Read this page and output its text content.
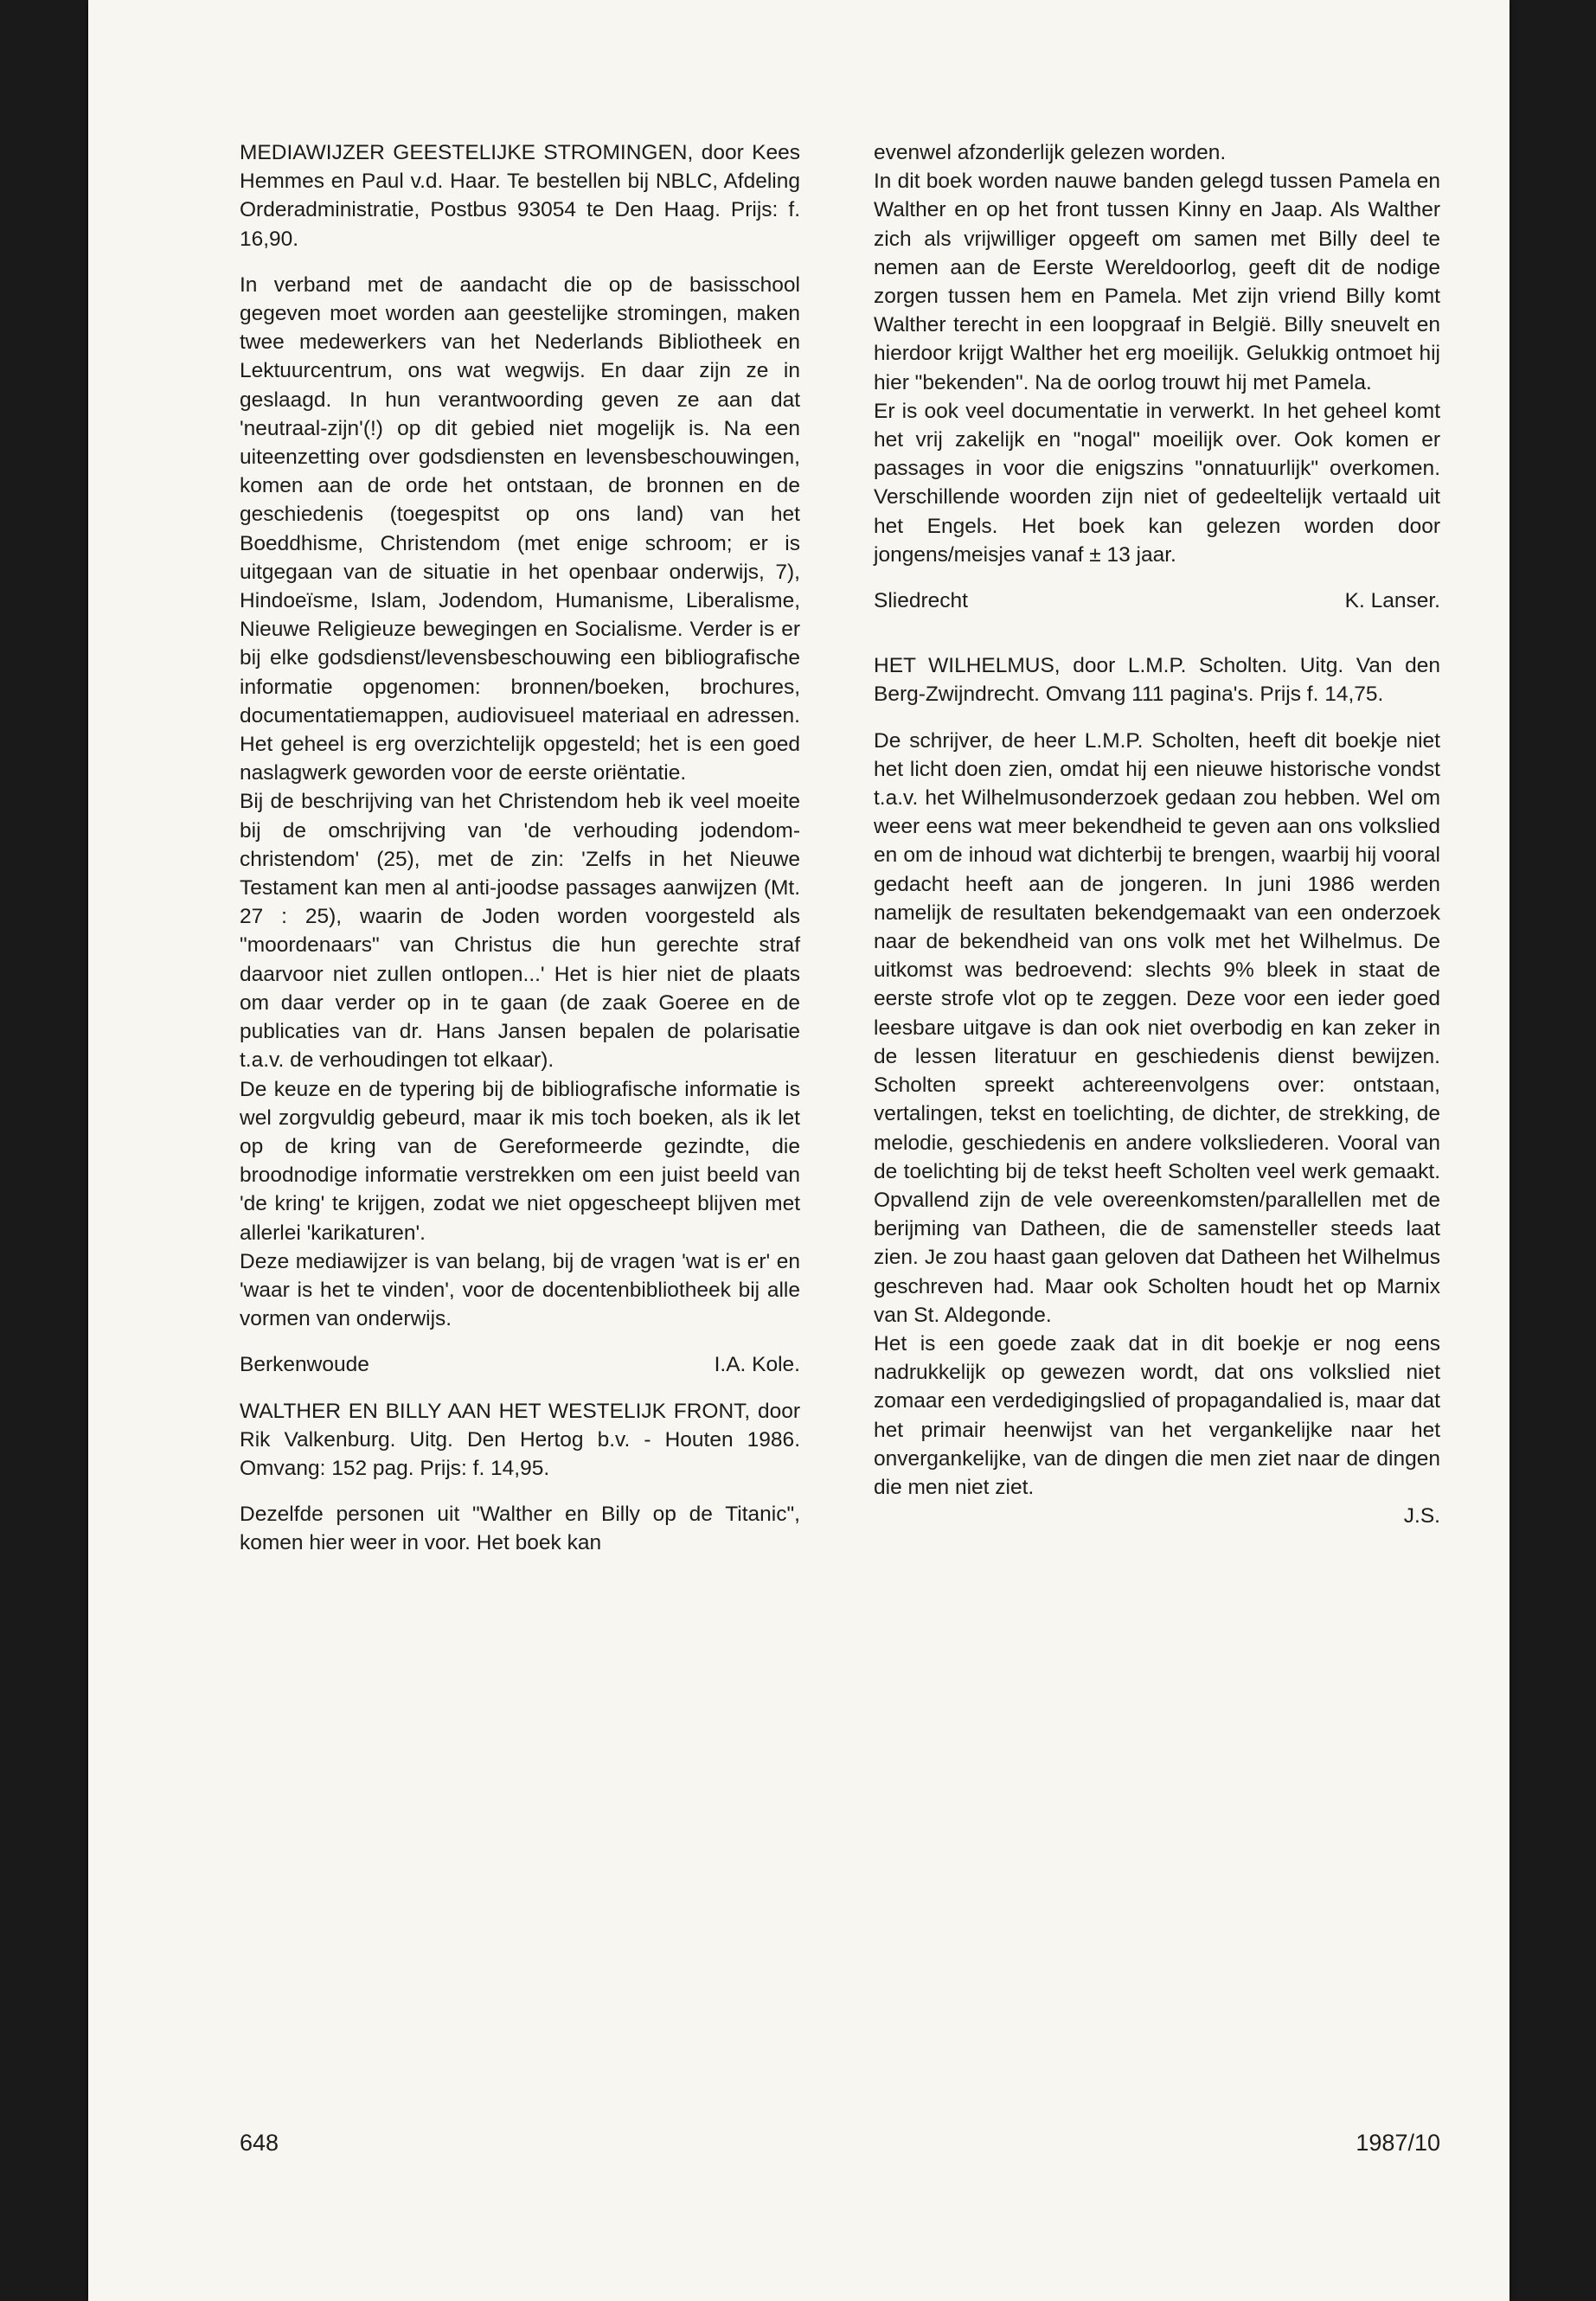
MEDIAWIJZER GEESTELIJKE STROMINGEN, door Kees Hemmes en Paul v.d. Haar. Te bestellen bij NBLC, Afdeling Orderadministratie, Postbus 93054 te Den Haag. Prijs: f. 16,90.

In verband met de aandacht die op de basisschool gegeven moet worden aan geestelijke stromingen, maken twee medewerkers van het Nederlands Bibliotheek en Lektuurcentrum, ons wat wegwijs. En daar zijn ze in geslaagd. In hun verantwoording geven ze aan dat 'neutraal-zijn'(!) op dit gebied niet mogelijk is. Na een uiteenzetting over godsdiensten en levensbeschouwingen, komen aan de orde het ontstaan, de bronnen en de geschiedenis (toegespitst op ons land) van het Boeddhisme, Christendom (met enige schroom; er is uitgegaan van de situatie in het openbaar onderwijs, 7), Hindoeïsme, Islam, Jodendom, Humanisme, Liberalisme, Nieuwe Religieuze bewegingen en Socialisme. Verder is er bij elke godsdienst/levensbeschouwing een bibliografische informatie opgenomen: bronnen/boeken, brochures, documentatiemappen, audiovisueel materiaal en adressen. Het geheel is erg overzichtelijk opgesteld; het is een goed naslagwerk geworden voor de eerste oriëntatie.

Bij de beschrijving van het Christendom heb ik veel moeite bij de omschrijving van 'de verhouding jodendom-christendom' (25), met de zin: 'Zelfs in het Nieuwe Testament kan men al anti-joodse passages aanwijzen (Mt. 27 : 25), waarin de Joden worden voorgesteld als "moordenaars" van Christus die hun gerechte straf daarvoor niet zullen ontlopen...' Het is hier niet de plaats om daar verder op in te gaan (de zaak Goeree en de publicaties van dr. Hans Jansen bepalen de polarisatie t.a.v. de verhoudingen tot elkaar).

De keuze en de typering bij de bibliografische informatie is wel zorgvuldig gebeurd, maar ik mis toch boeken, als ik let op de kring van de Gereformeerde gezindte, die broodnodige informatie verstrekken om een juist beeld van 'de kring' te krijgen, zodat we niet opgescheept blijven met allerlei 'karikaturen'.

Deze mediawijzer is van belang, bij de vragen 'wat is er' en 'waar is het te vinden', voor de docentenbibliotheek bij alle vormen van onderwijs.

Berkenwoude	I.A. Kole.

WALTHER EN BILLY AAN HET WESTELIJK FRONT, door Rik Valkenburg. Uitg. Den Hertog b.v. - Houten 1986. Omvang: 152 pag. Prijs: f. 14,95.

Dezelfde personen uit "Walther en Billy op de Titanic", komen hier weer in voor. Het boek kan

evenwel afzonderlijk gelezen worden.

In dit boek worden nauwe banden gelegd tussen Pamela en Walther en op het front tussen Kinny en Jaap. Als Walther zich als vrijwilliger opgeeft om samen met Billy deel te nemen aan de Eerste Wereldoorlog, geeft dit de nodige zorgen tussen hem en Pamela. Met zijn vriend Billy komt Walther terecht in een loopgraaf in België. Billy sneuvelt en hierdoor krijgt Walther het erg moeilijk. Gelukkig ontmoet hij hier "bekenden". Na de oorlog trouwt hij met Pamela.

Er is ook veel documentatie in verwerkt. In het geheel komt het vrij zakelijk en "nogal" moeilijk over. Ook komen er passages in voor die enigszins "onnatuurlijk" overkomen. Verschillende woorden zijn niet of gedeeltelijk vertaald uit het Engels. Het boek kan gelezen worden door jongens/meisjes vanaf ± 13 jaar.

Sliedrecht	K. Lanser.

HET WILHELMUS, door L.M.P. Scholten. Uitg. Van den Berg-Zwijndrecht. Omvang 111 pagina's. Prijs f. 14,75.

De schrijver, de heer L.M.P. Scholten, heeft dit boekje niet het licht doen zien, omdat hij een nieuwe historische vondst t.a.v. het Wilhelmusonderzoek gedaan zou hebben. Wel om weer eens wat meer bekendheid te geven aan ons volkslied en om de inhoud wat dichterbij te brengen, waarbij hij vooral gedacht heeft aan de jongeren. In juni 1986 werden namelijk de resultaten bekendgemaakt van een onderzoek naar de bekendheid van ons volk met het Wilhelmus. De uitkomst was bedroevend: slechts 9% bleek in staat de eerste strofe vlot op te zeggen. Deze voor een ieder goed leesbare uitgave is dan ook niet overbodig en kan zeker in de lessen literatuur en geschiedenis dienst bewijzen. Scholten spreekt achtereenvolgens over: ontstaan, vertalingen, tekst en toelichting, de dichter, de strekking, de melodie, geschiedenis en andere volksliederen. Vooral van de toelichting bij de tekst heeft Scholten veel werk gemaakt. Opvallend zijn de vele overeenkomsten/parallellen met de berijming van Datheen, die de samensteller steeds laat zien. Je zou haast gaan geloven dat Datheen het Wilhelmus geschreven had. Maar ook Scholten houdt het op Marnix van St. Aldegonde.

Het is een goede zaak dat in dit boekje er nog eens nadrukkelijk op gewezen wordt, dat ons volkslied niet zomaar een verdedigingslied of propagandalied is, maar dat het primair heenwijst van het vergankelijke naar het onvergankelijke, van de dingen die men ziet naar de dingen die men niet ziet.

J.S.
648	1987/10
